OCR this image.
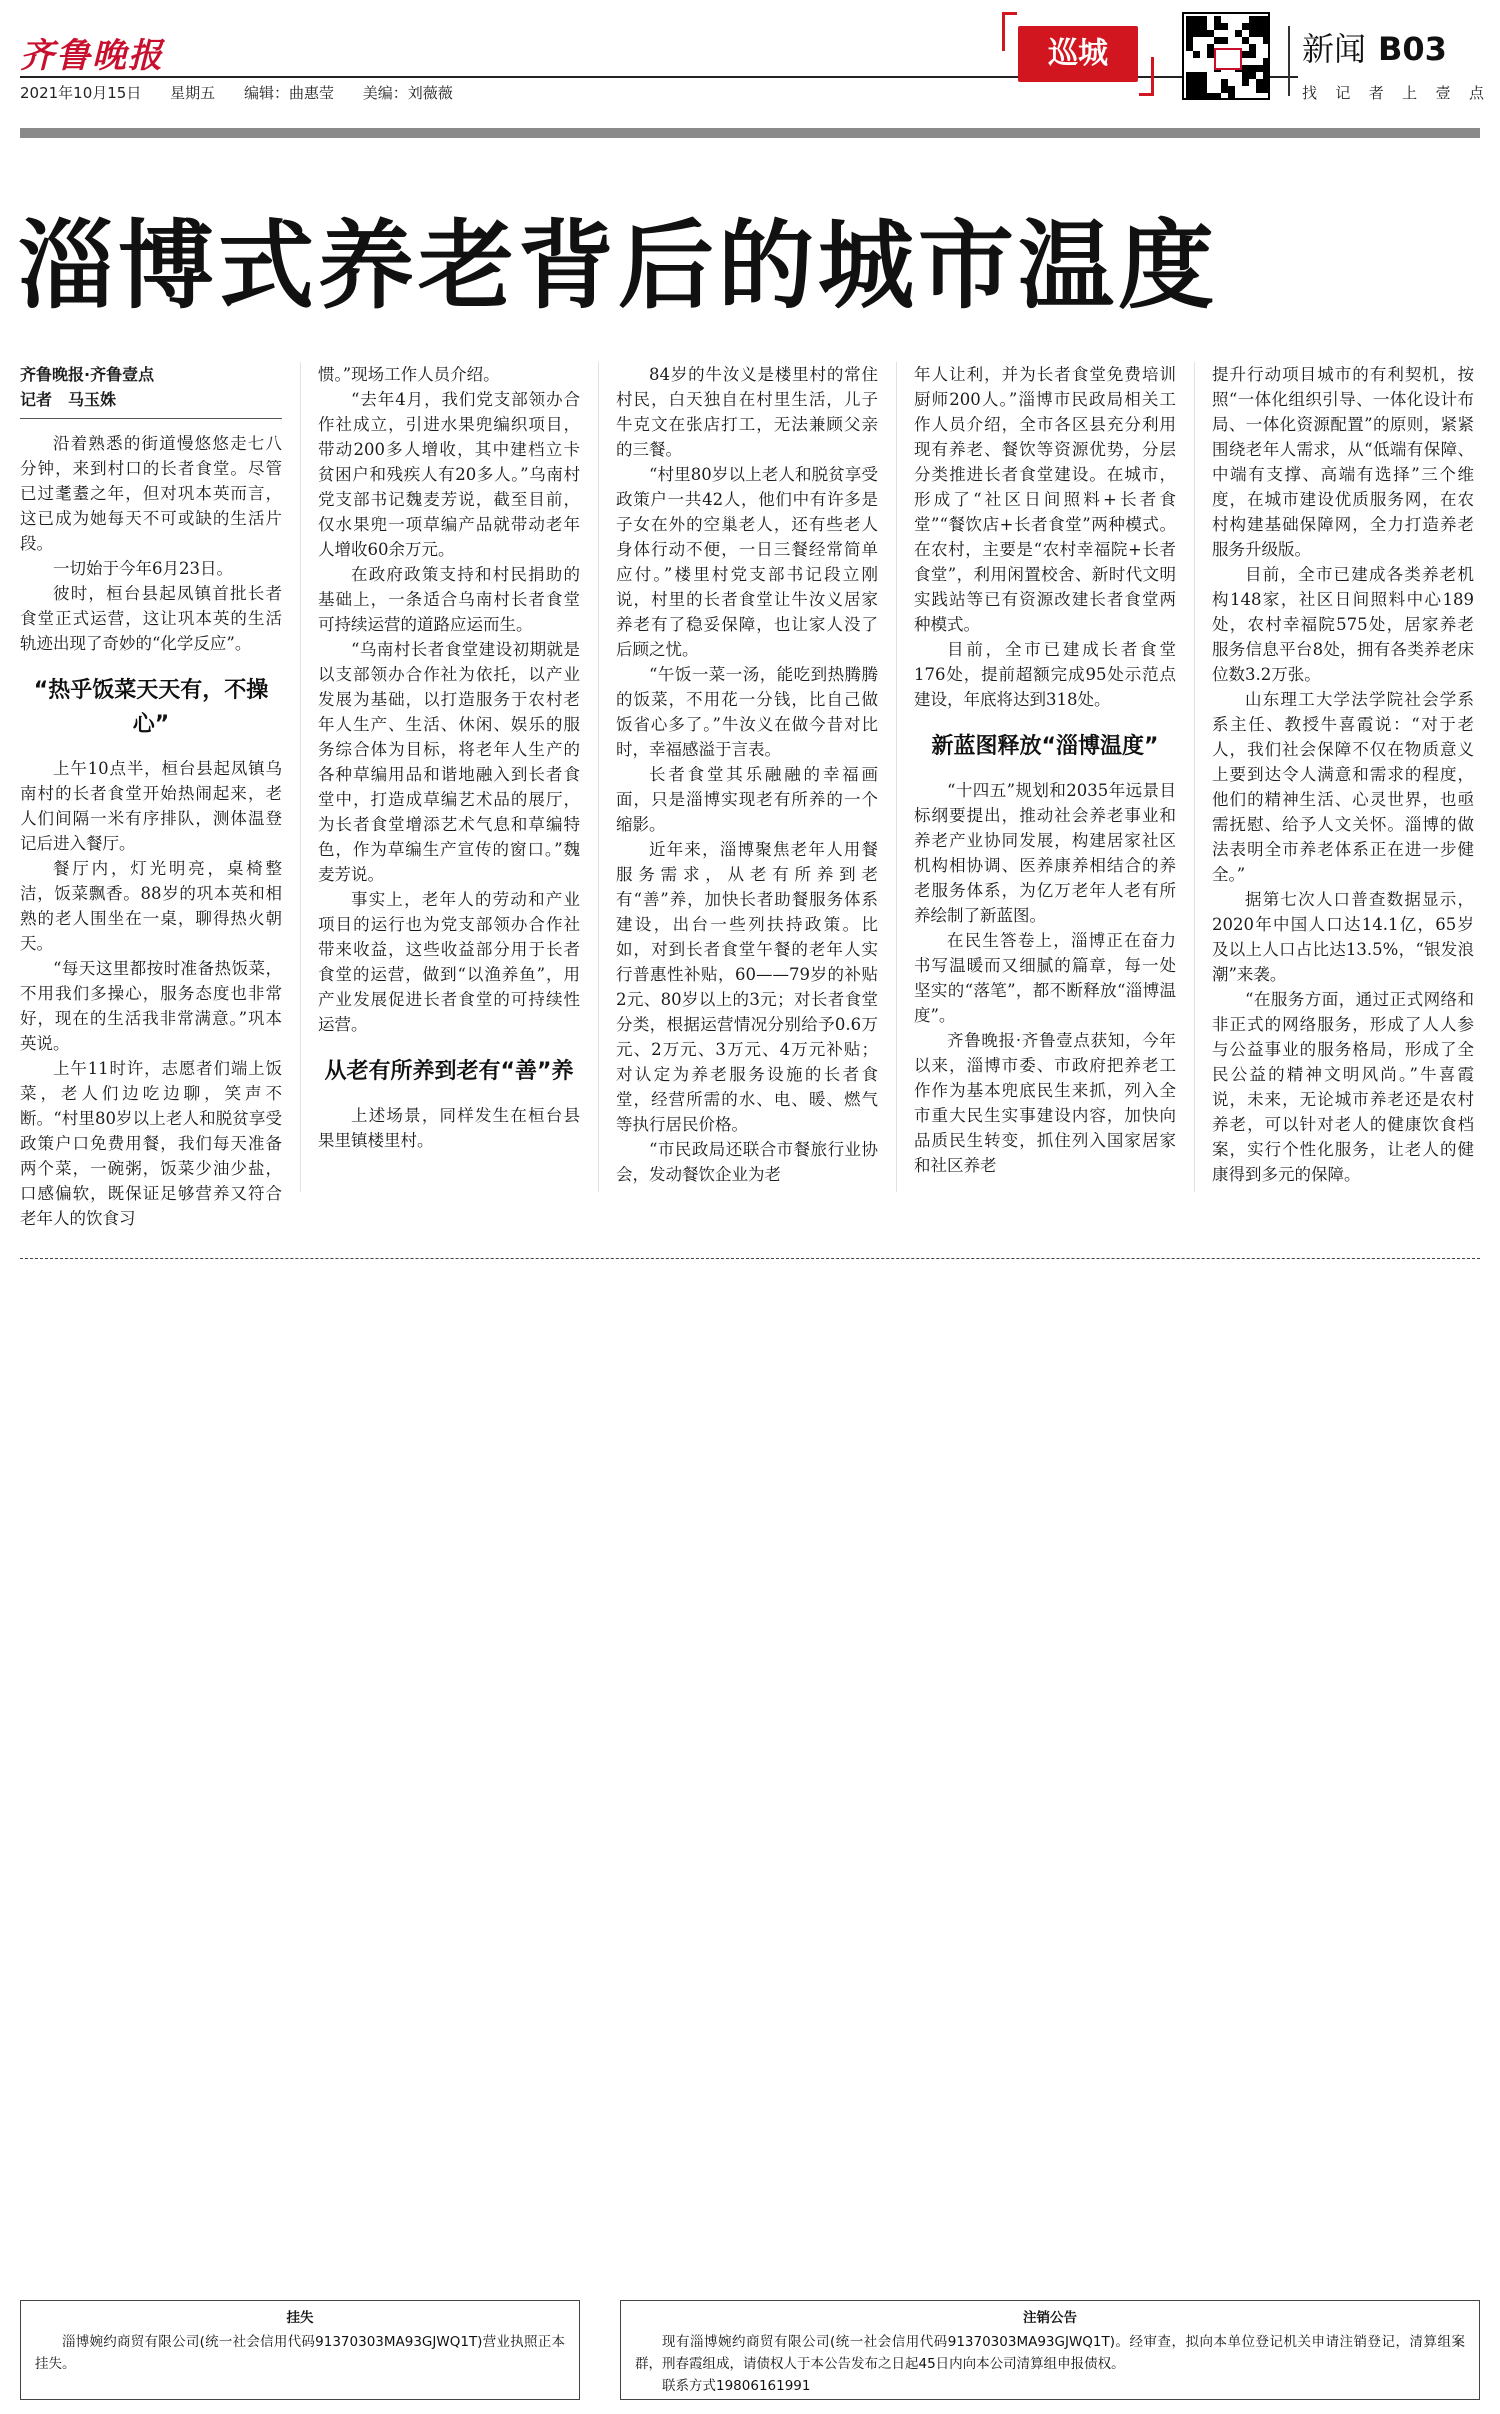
齐鲁晚报
2021年10月15日 星期五 编辑：曲惠莹 美编：刘薇薇
巡城	新闻 B03
找 记 者 上 壹 点
淄博式养老背后的城市温度
齐鲁晚报·齐鲁壹点
记者　马玉姝

沿着熟悉的街道慢悠悠走七八分钟，来到村口的长者食堂。尽管已过耄耋之年，但对巩本英而言，这已成为她每天不可或缺的生活片段。

一切始于今年6月23日。

彼时，桓台县起凤镇首批长者食堂正式运营，这让巩本英的生活轨迹出现了奇妙的“化学反应”。

“热乎饭菜天天有，不操心”

上午10点半，桓台县起凤镇乌南村的长者食堂开始热闹起来，老人们间隔一米有序排队，测体温登记后进入餐厅。

餐厅内，灯光明亮，桌椅整洁，饭菜飘香。88岁的巩本英和相熟的老人围坐在一桌，聊得热火朝天。

“每天这里都按时准备热饭菜，不用我们多操心，服务态度也非常好，现在的生活我非常满意。”巩本英说。

上午11时许，志愿者们端上饭菜，老人们边吃边聊，笑声不断。“村里80岁以上老人和脱贫享受政策户口免费用餐，我们每天准备两个菜，一碗粥，饭菜少油少盐，口感偏软，既保证足够营养又符合老年人的饮食习

惯。”现场工作人员介绍。

“去年4月，我们党支部领办合作社成立，引进水果兜编织项目，带动200多人增收，其中建档立卡贫困户和残疾人有20多人。”乌南村党支部书记魏麦芳说，截至目前，仅水果兜一项草编产品就带动老年人增收60余万元。

在政府政策支持和村民捐助的基础上，一条适合乌南村长者食堂可持续运营的道路应运而生。

“乌南村长者食堂建设初期就是以支部领办合作社为依托，以产业发展为基础，以打造服务于农村老年人生产、生活、休闲、娱乐的服务综合体为目标，将老年人生产的各种草编用品和谐地融入到长者食堂中，打造成草编艺术品的展厅，为长者食堂增添艺术气息和草编特色，作为草编生产宣传的窗口。”魏麦芳说。

事实上，老年人的劳动和产业项目的运行也为党支部领办合作社带来收益，这些收益部分用于长者食堂的运营，做到“以渔养鱼”，用产业发展促进长者食堂的可持续性运营。

从老有所养到老有“善”养

上述场景，同样发生在桓台县果里镇楼里村。

84岁的牛汝义是楼里村的常住村民，白天独自在村里生活，儿子牛克文在张店打工，无法兼顾父亲的三餐。

“村里80岁以上老人和脱贫享受政策户一共42人，他们中有许多是子女在外的空巢老人，还有些老人身体行动不便，一日三餐经常简单应付。”楼里村党支部书记段立刚说，村里的长者食堂让牛汝义居家养老有了稳妥保障，也让家人没了后顾之忧。

“午饭一菜一汤，能吃到热腾腾的饭菜，不用花一分钱，比自己做饭省心多了。”牛汝义在做今昔对比时，幸福感溢于言表。

长者食堂其乐融融的幸福画面，只是淄博实现老有所养的一个缩影。

近年来，淄博聚焦老年人用餐服务需求，从老有所养到老有“善”养，加快长者助餐服务体系建设，出台一些列扶持政策。比如，对到长者食堂午餐的老年人实行普惠性补贴，60——79岁的补贴2元、80岁以上的3元；对长者食堂分类，根据运营情况分别给予0.6万元、2万元、3万元、4万元补贴；对认定为养老服务设施的长者食堂，经营所需的水、电、暖、燃气等执行居民价格。

“市民政局还联合市餐旅行业协会，发动餐饮企业为老

年人让利，并为长者食堂免费培训厨师200人。”淄博市民政局相关工作人员介绍，全市各区县充分利用现有养老、餐饮等资源优势，分层分类推进长者食堂建设。在城市，形成了“社区日间照料+长者食堂”“餐饮店+长者食堂”两种模式。在农村，主要是“农村幸福院+长者食堂”，利用闲置校舍、新时代文明实践站等已有资源改建长者食堂两种模式。

目前，全市已建成长者食堂176处，提前超额完成95处示范点建设，年底将达到318处。

新蓝图释放“淄博温度”

“十四五”规划和2035年远景目标纲要提出，推动社会养老事业和养老产业协同发展，构建居家社区机构相协调、医养康养相结合的养老服务体系，为亿万老年人老有所养绘制了新蓝图。

在民生答卷上，淄博正在奋力书写温暖而又细腻的篇章，每一处坚实的“落笔”，都不断释放“淄博温度”。

齐鲁晚报·齐鲁壹点获知，今年以来，淄博市委、市政府把养老工作作为基本兜底民生来抓，列入全市重大民生实事建设内容，加快向品质民生转变，抓住列入国家居家和社区养老

提升行动项目城市的有利契机，按照“一体化组织引导、一体化设计布局、一体化资源配置”的原则，紧紧围绕老年人需求，从“低端有保障、中端有支撑、高端有选择”三个维度，在城市建设优质服务网，在农村构建基础保障网，全力打造养老服务升级版。

目前，全市已建成各类养老机构148家，社区日间照料中心189处，农村幸福院575处，居家养老服务信息平台8处，拥有各类养老床位数3.2万张。

山东理工大学法学院社会学系系主任、教授牛喜霞说：“对于老人，我们社会保障不仅在物质意义上要到达令人满意和需求的程度，他们的精神生活、心灵世界，也亟需抚慰、给予人文关怀。淄博的做法表明全市养老体系正在进一步健全。”

据第七次人口普查数据显示，2020年中国人口达14.1亿，65岁及以上人口占比达13.5%，“银发浪潮”来袭。

“在服务方面，通过正式网络和非正式的网络服务，形成了人人参与公益事业的服务格局，形成了全民公益的精神文明风尚。”牛喜霞说，未来，无论城市养老还是农村养老，可以针对老人的健康饮食档案，实行个性化服务，让老人的健康得到多元的保障。

挂失

淄博婉约商贸有限公司(统一社会信用代码91370303MA93GJWQ1T)营业执照正本挂失。

注销公告

现有淄博婉约商贸有限公司(统一社会信用代码91370303MA93GJWQ1T)。经审查，拟向本单位登记机关申请注销登记，清算组案群，刑春霞组成，请债权人于本公告发布之日起45日内向本公司清算组申报债权。

联系方式19806161991
